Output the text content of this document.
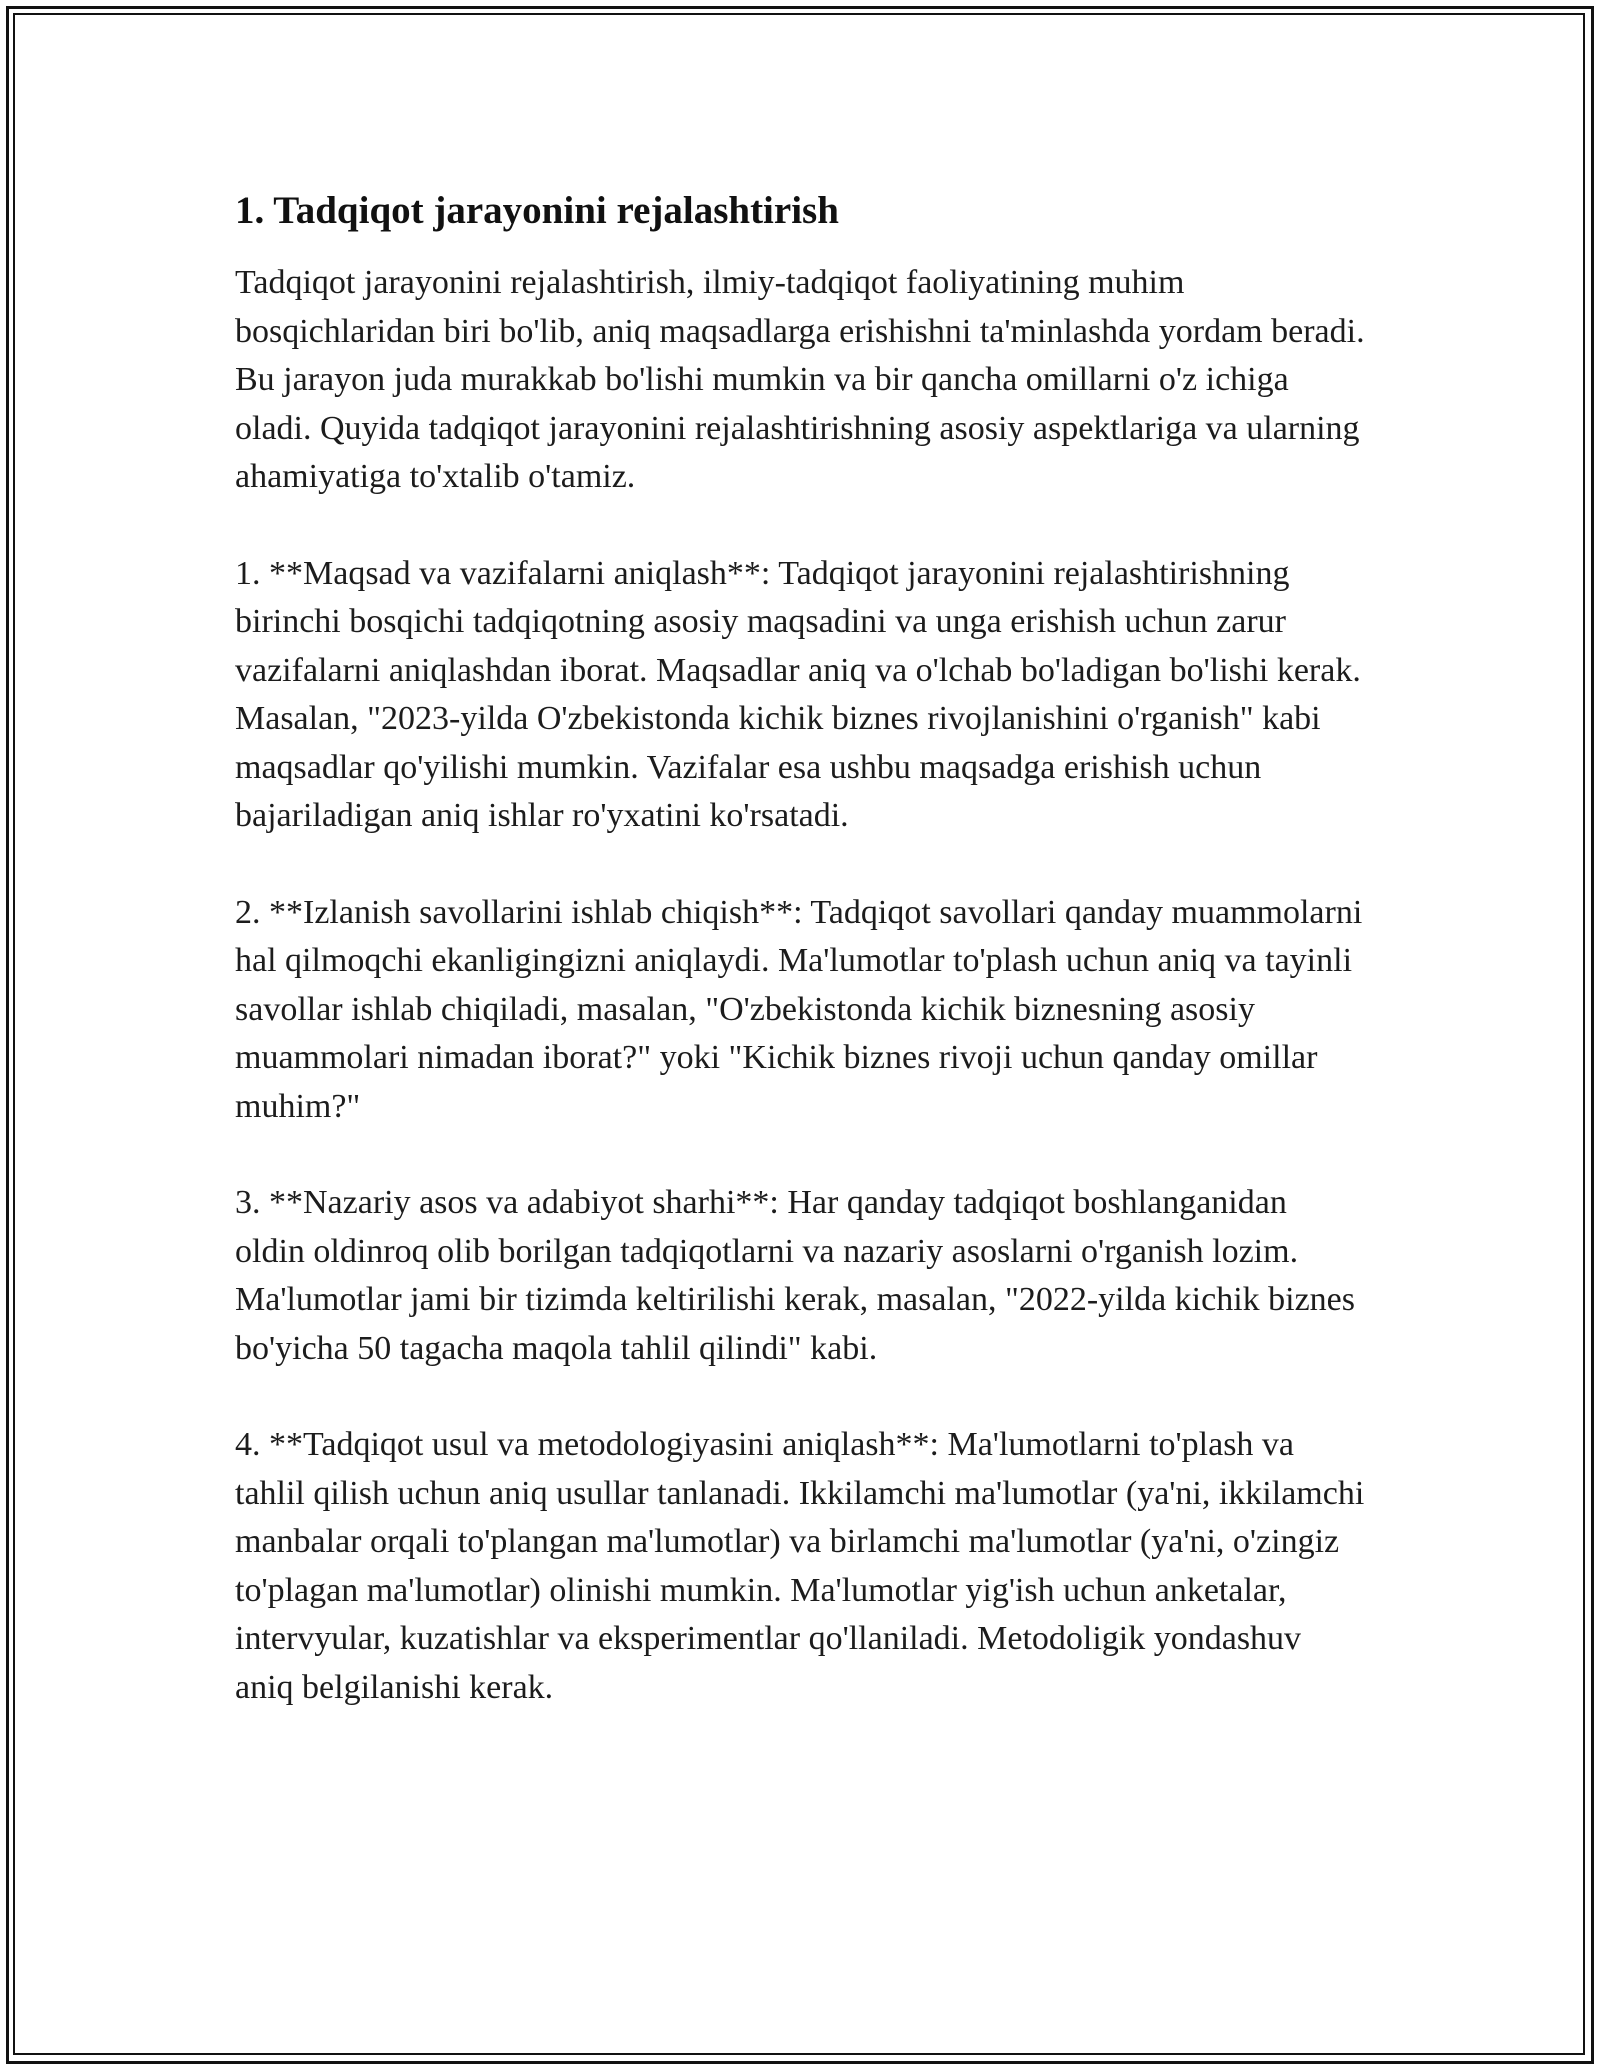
1. Tadqiqot jarayonini rejalashtirish

Tadqiqot jarayonini rejalashtirish, ilmiy-tadqiqot faoliyatining muhim bosqichlaridan biri bo'lib, aniq maqsadlarga erishishni ta'minlashda yordam beradi. Bu jarayon juda murakkab bo'lishi mumkin va bir qancha omillarni o'z ichiga oladi. Quyida tadqiqot jarayonini rejalashtirishning asosiy aspektlariga va ularning ahamiyatiga to'xtalib o'tamiz.

1. **Maqsad va vazifalarni aniqlash**: Tadqiqot jarayonini rejalashtirishning birinchi bosqichi tadqiqotning asosiy maqsadini va unga erishish uchun zarur vazifalarni aniqlashdan iborat. Maqsadlar aniq va o'lchab bo'ladigan bo'lishi kerak. Masalan, "2023-yilda O'zbekistonda kichik biznes rivojlanishini o'rganish" kabi maqsadlar qo'yilishi mumkin. Vazifalar esa ushbu maqsadga erishish uchun bajariladigan aniq ishlar ro'yxatini ko'rsatadi.

2. **Izlanish savollarini ishlab chiqish**: Tadqiqot savollari qanday muammolarni hal qilmoqchi ekanligingizni aniqlaydi. Ma'lumotlar to'plash uchun aniq va tayinli savollar ishlab chiqiladi, masalan, "O'zbekistonda kichik biznesning asosiy muammolari nimadan iborat?" yoki "Kichik biznes rivoji uchun qanday omillar muhim?"

3. **Nazariy asos va adabiyot sharhi**: Har qanday tadqiqot boshlanganidan oldin oldinroq olib borilgan tadqiqotlarni va nazariy asoslarni o'rganish lozim. Ma'lumotlar jami bir tizimda keltirilishi kerak, masalan, "2022-yilda kichik biznes bo'yicha 50 tagacha maqola tahlil qilindi" kabi.

4. **Tadqiqot usul va metodologiyasini aniqlash**: Ma'lumotlarni to'plash va tahlil qilish uchun aniq usullar tanlanadi. Ikkilamchi ma'lumotlar (ya'ni, ikkilamchi manbalar orqali to'plangan ma'lumotlar) va birlamchi ma'lumotlar (ya'ni, o'zingiz to'plagan ma'lumotlar) olinishi mumkin. Ma'lumotlar yig'ish uchun anketalar, intervyular, kuzatishlar va eksperimentlar qo'llaniladi. Metodoligik yondashuv aniq belgilanishi kerak.
